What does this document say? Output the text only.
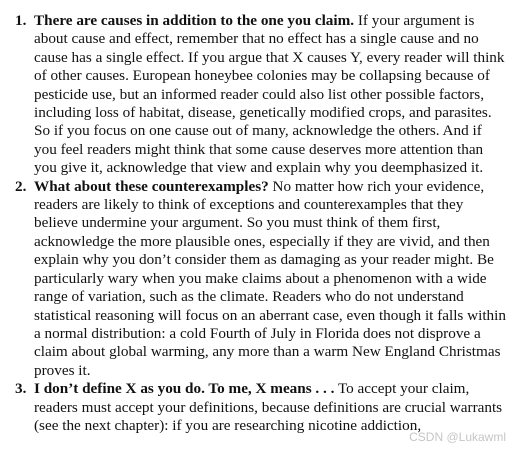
1. There are causes in addition to the one you claim. If your argument is about cause and effect, remember that no effect has a single cause and no cause has a single effect. If you argue that X causes Y, every reader will think of other causes. European honeybee colonies may be collapsing because of pesticide use, but an informed reader could also list other possible factors, including loss of habitat, disease, genetically modified crops, and parasites. So if you focus on one cause out of many, acknowledge the others. And if you feel readers might think that some cause deserves more attention than you give it, acknowledge that view and explain why you deemphasized it.
2. What about these counterexamples? No matter how rich your evidence, readers are likely to think of exceptions and counterexamples that they believe undermine your argument. So you must think of them first, acknowledge the more plausible ones, especially if they are vivid, and then explain why you don’t consider them as damaging as your reader might. Be particularly wary when you make claims about a phenomenon with a wide range of variation, such as the climate. Readers who do not understand statistical reasoning will focus on an aberrant case, even though it falls within a normal distribution: a cold Fourth of July in Florida does not disprove a claim about global warming, any more than a warm New England Christmas proves it.
3. I don’t define X as you do. To me, X means . . . To accept your claim, readers must accept your definitions, because definitions are crucial warrants (see the next chapter): if you are researching nicotine addiction,
CSDN @Lukawml
